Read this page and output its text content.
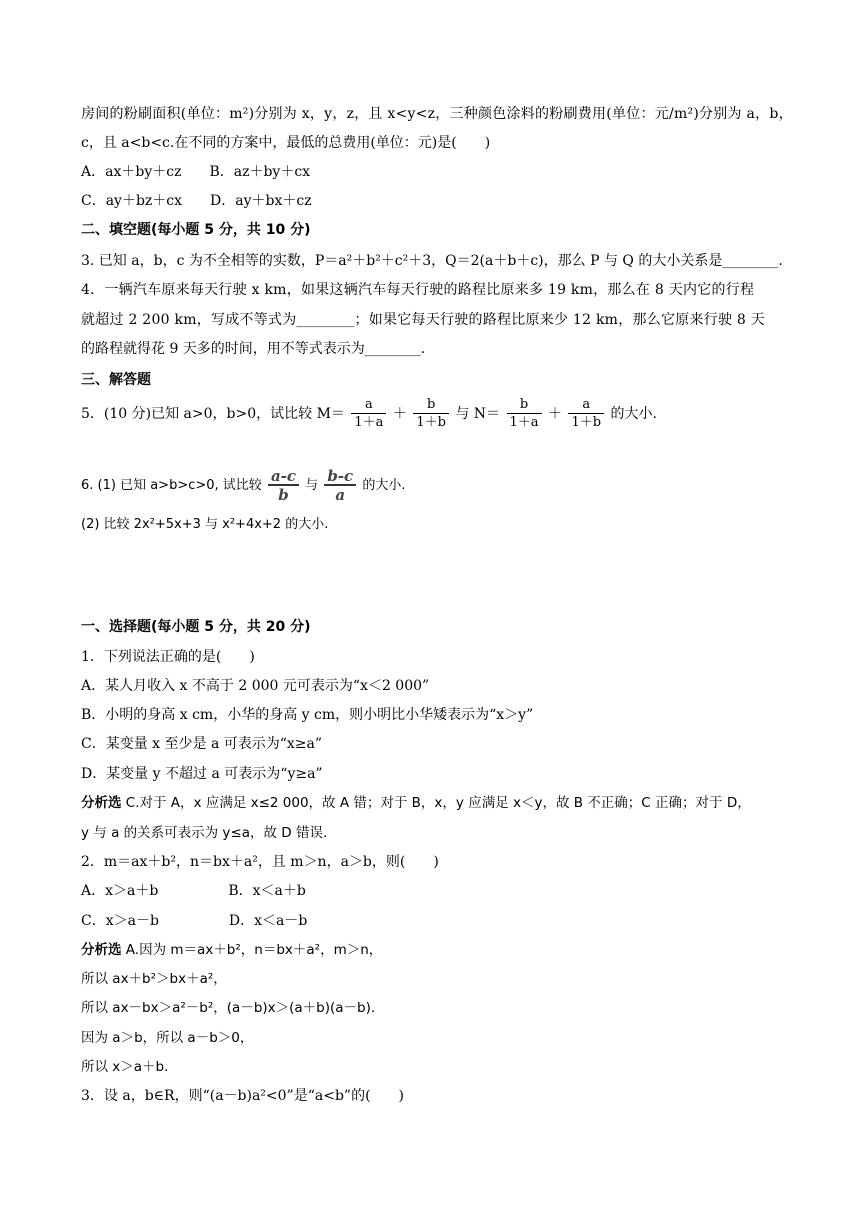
房间的粉刷面积(单位：m²)分别为 x，y，z，且 x<y<z，三种颜色涂料的粉刷费用(单位：元/m²)分别为 a，b，
c，且 a<b<c.在不同的方案中，最低的总费用(单位：元)是(　　)
A．ax＋by＋cz　　B．az＋by＋cx
C．ay＋bz＋cx　　D．ay＋bx＋cz
二、填空题(每小题 5 分，共 10 分)
3. 已知 a，b，c 为不全相等的实数，P＝a²＋b²＋c²＋3，Q＝2(a＋b＋c)，那么 P 与 Q 的大小关系是________.
4．一辆汽车原来每天行驶 x km，如果这辆汽车每天行驶的路程比原来多 19 km，那么在 8 天内它的行程
就超过 2 200 km，写成不等式为________；如果它每天行驶的路程比原来少 12 km，那么它原来行驶 8 天
的路程就得花 9 天多的时间，用不等式表示为________.
三、解答题
5．(10 分)已知 a>0，b>0，试比较 $M= \frac{a}{1+a} + \frac{b}{1+b}$ 与 $N= \frac{b}{1+a} + \frac{a}{1+b}$ 的大小.
6. (1) 已知 a>b>c>0, 试比较 $\frac{a-c}{b}$ 与 $\frac{b-c}{a}$ 的大小.
(2) 比较 2x²+5x+3 与 x²+4x+2 的大小.
一、选择题(每小题 5 分，共 20 分)
1．下列说法正确的是(　　)
A．某人月收入 x 不高于 2 000 元可表示为“x＜2 000”
B．小明的身高 x cm，小华的身高 y cm，则小明比小华矮表示为“x＞y”
C．某变量 x 至少是 a 可表示为“x≥a”
D．某变量 y 不超过 a 可表示为“y≥a”
分析选 C.对于 A，x 应满足 x≤2 000，故 A 错；对于 B，x，y 应满足 x＜y，故 B 不正确；C 正确；对于 D，
y 与 a 的关系可表示为 y≤a，故 D 错误.
2．m＝ax＋b²，n＝bx＋a²，且 m＞n，a＞b，则(　　)
A．x＞a＋b　　　　　B．x＜a＋b
C．x＞a－b　　　　　D．x＜a－b
分析选 A.因为 m＝ax＋b²，n＝bx＋a²，m＞n，
所以 ax＋b²＞bx＋a²，
所以 ax－bx＞a²－b²，(a－b)x＞(a＋b)(a－b).
因为 a＞b，所以 a－b＞0，
所以 x＞a＋b.
3．设 a，b∈R，则“(a－b)a²<0”是“a<b”的(　　)
